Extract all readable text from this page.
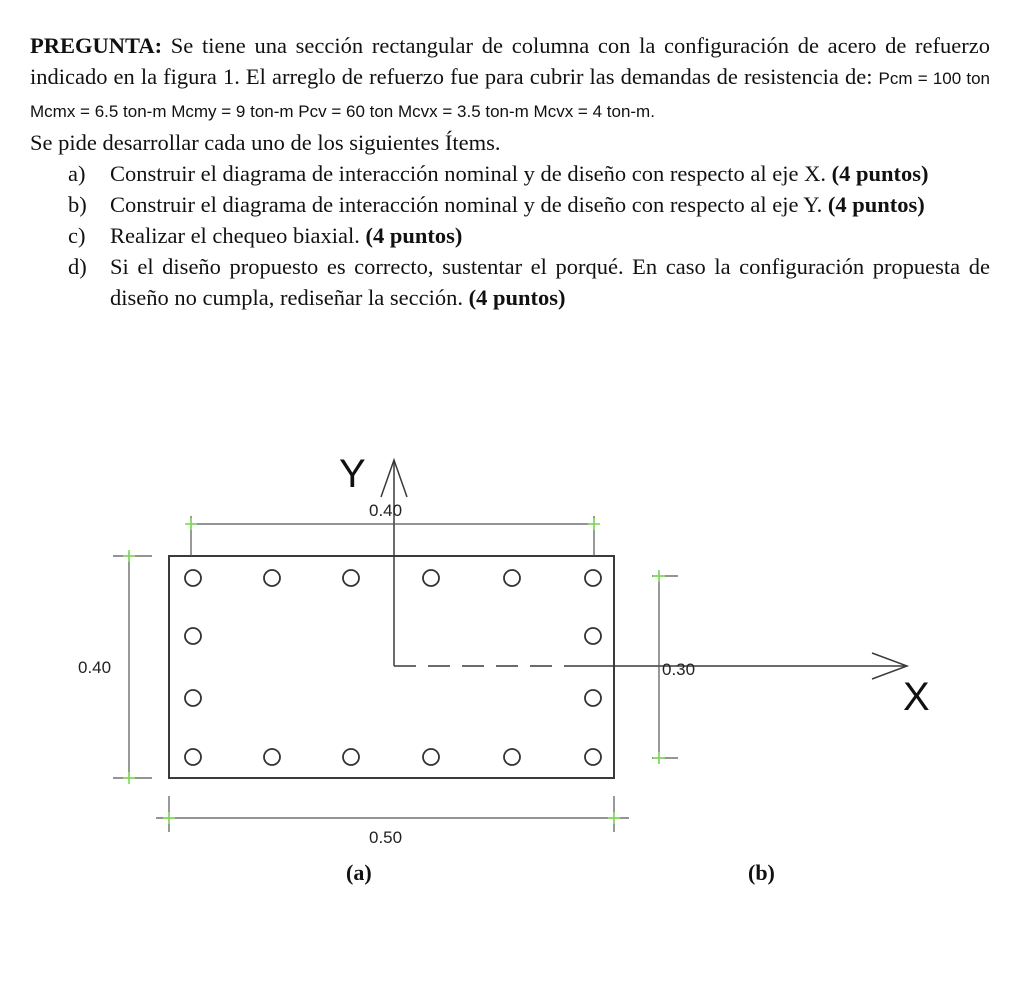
PREGUNTA: Se tiene una sección rectangular de columna con la configuración de acero de refuerzo indicado en la figura 1. El arreglo de refuerzo fue para cubrir las demandas de resistencia de: Pcm = 100 ton Mcmx = 6.5 ton-m Mcmy = 9 ton-m Pcv = 60 ton Mcvx = 3.5 ton-m Mcvx = 4 ton-m.
Se pide desarrollar cada uno de los siguientes Ítems.
a) Construir el diagrama de interacción nominal y de diseño con respecto al eje X. (4 puntos)
b) Construir el diagrama de interacción nominal y de diseño con respecto al eje Y. (4 puntos)
c) Realizar el chequeo biaxial. (4 puntos)
d) Si el diseño propuesto es correcto, sustentar el porqué. En caso la configuración propuesta de diseño no cumpla, rediseñar la sección. (4 puntos)
Y
X
0.40
0.40	0.30
0.50
(a)	(b)
